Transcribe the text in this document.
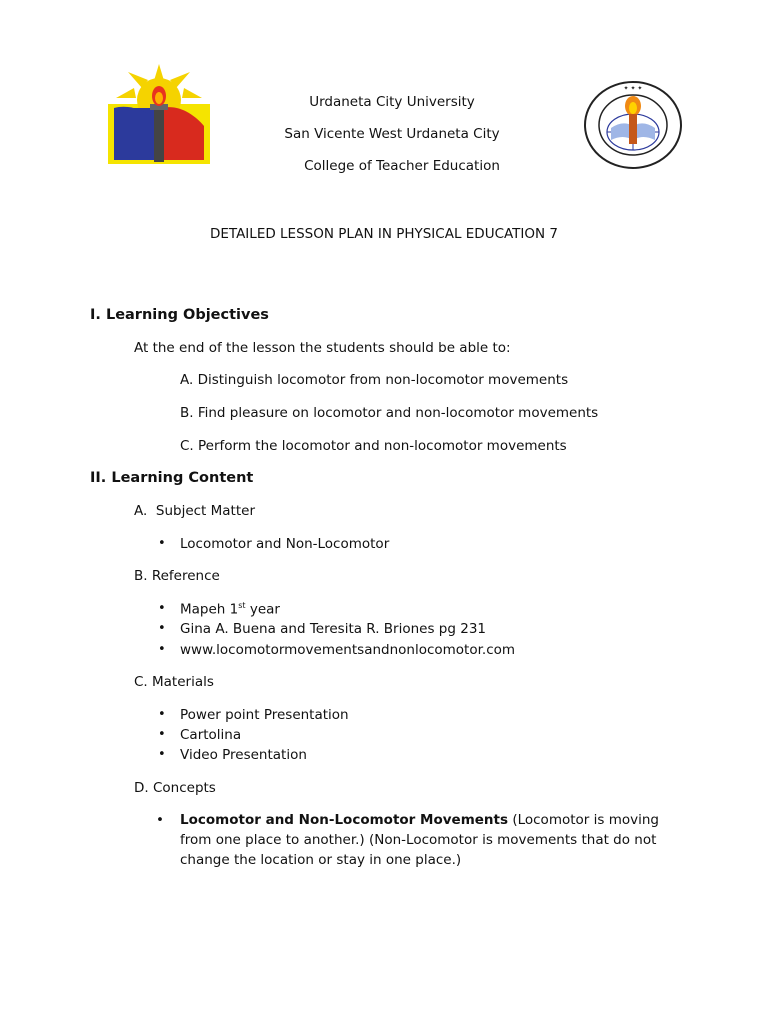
Urdaneta City University
San Vicente West Urdaneta City
College of Teacher Education
✦ ✦ ✦
DETAILED LESSON PLAN IN PHYSICAL EDUCATION 7
I. Learning Objectives
At the end of the lesson the students should be able to:
A. Distinguish locomotor from non-locomotor movements
B. Find pleasure on locomotor and non-locomotor movements
C. Perform the locomotor and non-locomotor movements
II. Learning Content
A.  Subject Matter
• Locomotor and Non-Locomotor
B. Reference
• Mapeh 1st year
• Gina A. Buena and Teresita R. Briones pg 231
• www.locomotormovementsandnonlocomotor.com
C. Materials
• Power point Presentation
• Cartolina
• Video Presentation
D. Concepts
• Locomotor and Non-Locomotor Movements (Locomotor is moving from one place to another.) (Non-Locomotor is movements that do not change the location or stay in one place.)
